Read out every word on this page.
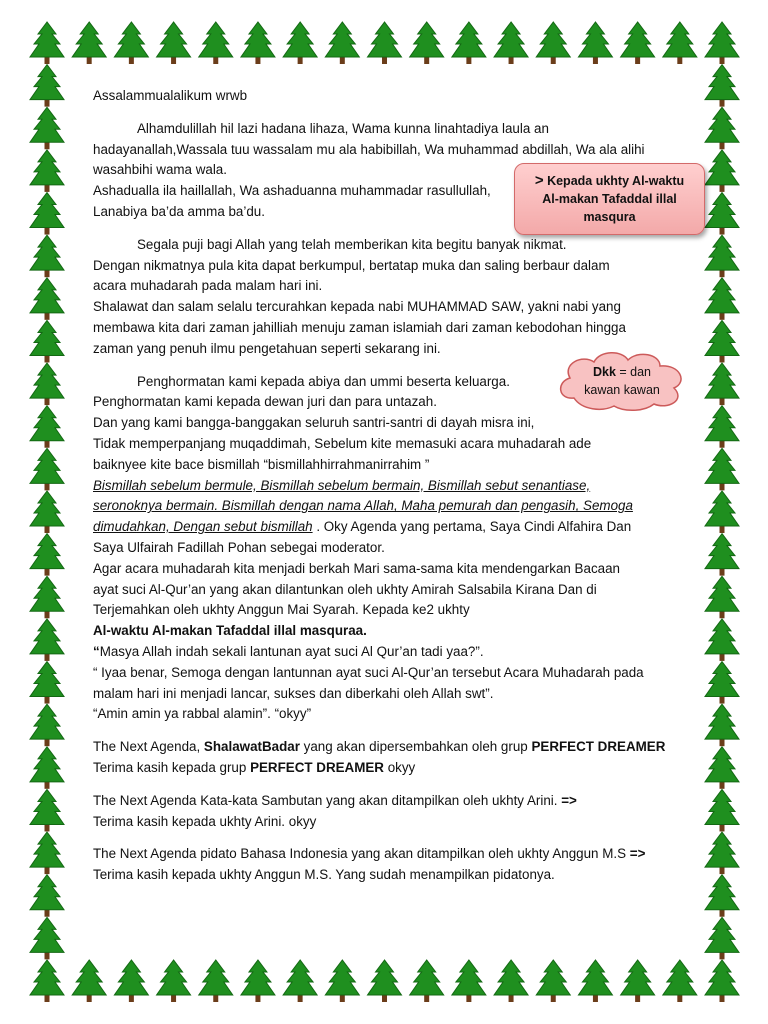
Assalammualalikum wrwb

Alhamdulillah hil lazi hadana lihaza, Wama kunna linahtadiya laula an

hadayanallah,Wassala tuu wassalam mu ala habibillah, Wa muhammad abdillah, Wa ala alihi

wasahbihi wama wala.

Ashadualla ila haillallah, Wa ashaduanna muhammadar rasullullah,

Lanabiya ba’da amma ba’du.

Segala puji bagi Allah yang telah memberikan kita begitu banyak nikmat.

Dengan nikmatnya pula kita dapat berkumpul, bertatap muka dan saling berbaur dalam

acara muhadarah pada malam hari ini.

Shalawat dan salam selalu tercurahkan kepada nabi MUHAMMAD SAW, yakni nabi yang

membawa kita dari zaman jahilliah menuju zaman islamiah dari zaman kebodohan hingga

zaman yang penuh ilmu pengetahuan seperti sekarang ini.

Penghormatan kami kepada abiya dan ummi beserta keluarga.

Penghormatan kami kepada dewan juri dan para untazah.

Dan yang kami bangga-banggakan seluruh santri-santri di dayah misra ini,

Tidak memperpanjang muqaddimah, Sebelum kite memasuki acara muhadarah ade

baiknyee kite bace bismillah “bismillahhirrahmanirrahim ”

Bismillah sebelum bermule, Bismillah sebelum bermain, Bismillah sebut senantiase,

seronoknya bermain. Bismillah dengan nama Allah, Maha pemurah dan pengasih, Semoga

dimudahkan, Dengan sebut bismillah . Oky Agenda yang pertama, Saya Cindi Alfahira Dan

Saya Ulfairah Fadillah Pohan sebegai moderator.

Agar acara muhadarah kita menjadi berkah Mari sama-sama kita mendengarkan Bacaan

ayat suci Al-Qur’an yang akan dilantunkan oleh ukhty Amirah Salsabila Kirana Dan di

Terjemahkan oleh ukhty Anggun Mai Syarah. Kepada ke2 ukhty

Al-waktu Al-makan Tafaddal illal masquraa.

“Masya Allah indah sekali lantunan ayat suci Al Qur’an tadi yaa?”.

“ Iyaa benar, Semoga dengan lantunnan ayat suci Al-Qur’an tersebut Acara Muhadarah pada

malam hari ini menjadi lancar, sukses dan diberkahi oleh Allah swt”.

“Amin amin ya rabbal alamin”. “okyy”

The Next Agenda, ShalawatBadar yang akan dipersembahkan oleh grup PERFECT DREAMER

Terima kasih kepada grup PERFECT DREAMER okyy

The Next Agenda Kata-kata Sambutan yang akan ditampilkan oleh ukhty Arini. =>

Terima kasih kepada ukhty Arini. okyy

The Next Agenda pidato Bahasa Indonesia yang akan ditampilkan oleh ukhty Anggun M.S =>

Terima kasih kepada ukhty Anggun M.S. Yang sudah menampilkan pidatonya.

> Kepada ukhty Al-waktu
Al-makan Tafaddal illal
masqura
Dkk = dan
kawan kawan
